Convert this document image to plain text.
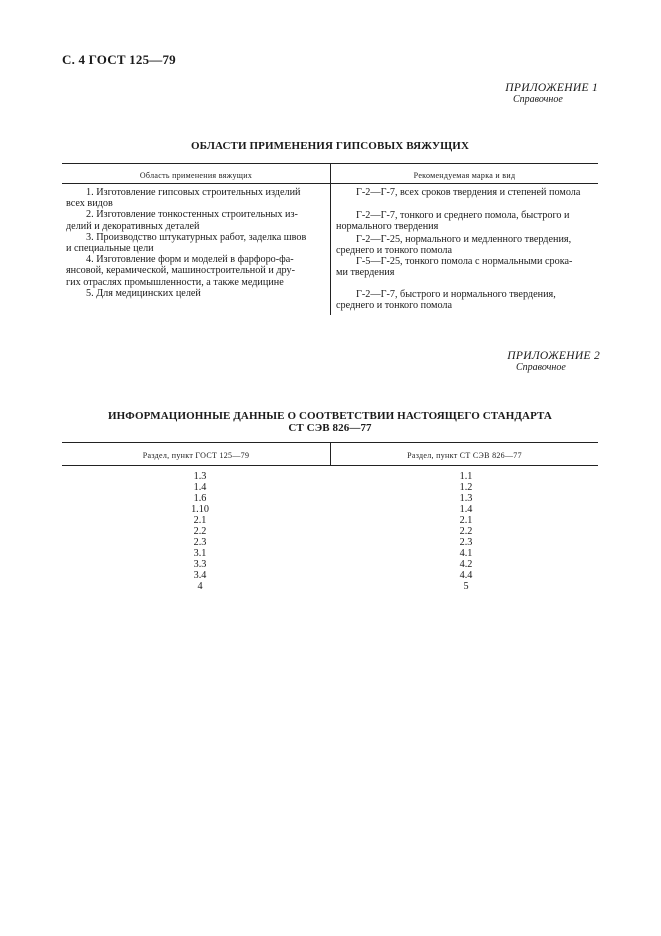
С. 4 ГОСТ 125—79
ПРИЛОЖЕНИЕ 1
Справочное
ОБЛАСТИ ПРИМЕНЕНИЯ ГИПСОВЫХ ВЯЖУЩИХ
Область применения вяжущих	Рекомендуемая марка и вид

1. Изготовление гипсовых строительных изделий

всех видов

2. Изготовление тонкостенных строительных из-

делий и декоративных деталей

3. Производство штукатурных работ, заделка швов

и специальные цели

4. Изготовление форм и моделей в фарфоро-фа-

янсовой, керамической, машиностроительной и дру-

гих отраслях промышленности, а также медицине

5. Для медицинских целей

Г-2—Г-7, всех сроков твердения и степеней помола

Г-2—Г-7, тонкого и среднего помола, быстрого и

нормального твердения

Г-2—Г-25, нормального и медленного твердения,

среднего и тонкого помола

Г-5—Г-25, тонкого помола с нормальными срока-

ми твердения

Г-2—Г-7, быстрого и нормального твердения,

среднего и тонкого помола

ПРИЛОЖЕНИЕ 2
Справочное
ИНФОРМАЦИОННЫЕ ДАННЫЕ О СООТВЕТСТВИИ НАСТОЯЩЕГО СТАНДАРТА
СТ СЭВ 826—77
Раздел, пункт ГОСТ 125—79	Раздел, пункт СТ СЭВ 826—77
1.3
1.4
1.6
1.10
2.1
2.2
2.3
3.1
3.3
3.4
4
1.1
1.2
1.3
1.4
2.1
2.2
2.3
4.1
4.2
4.4
5
